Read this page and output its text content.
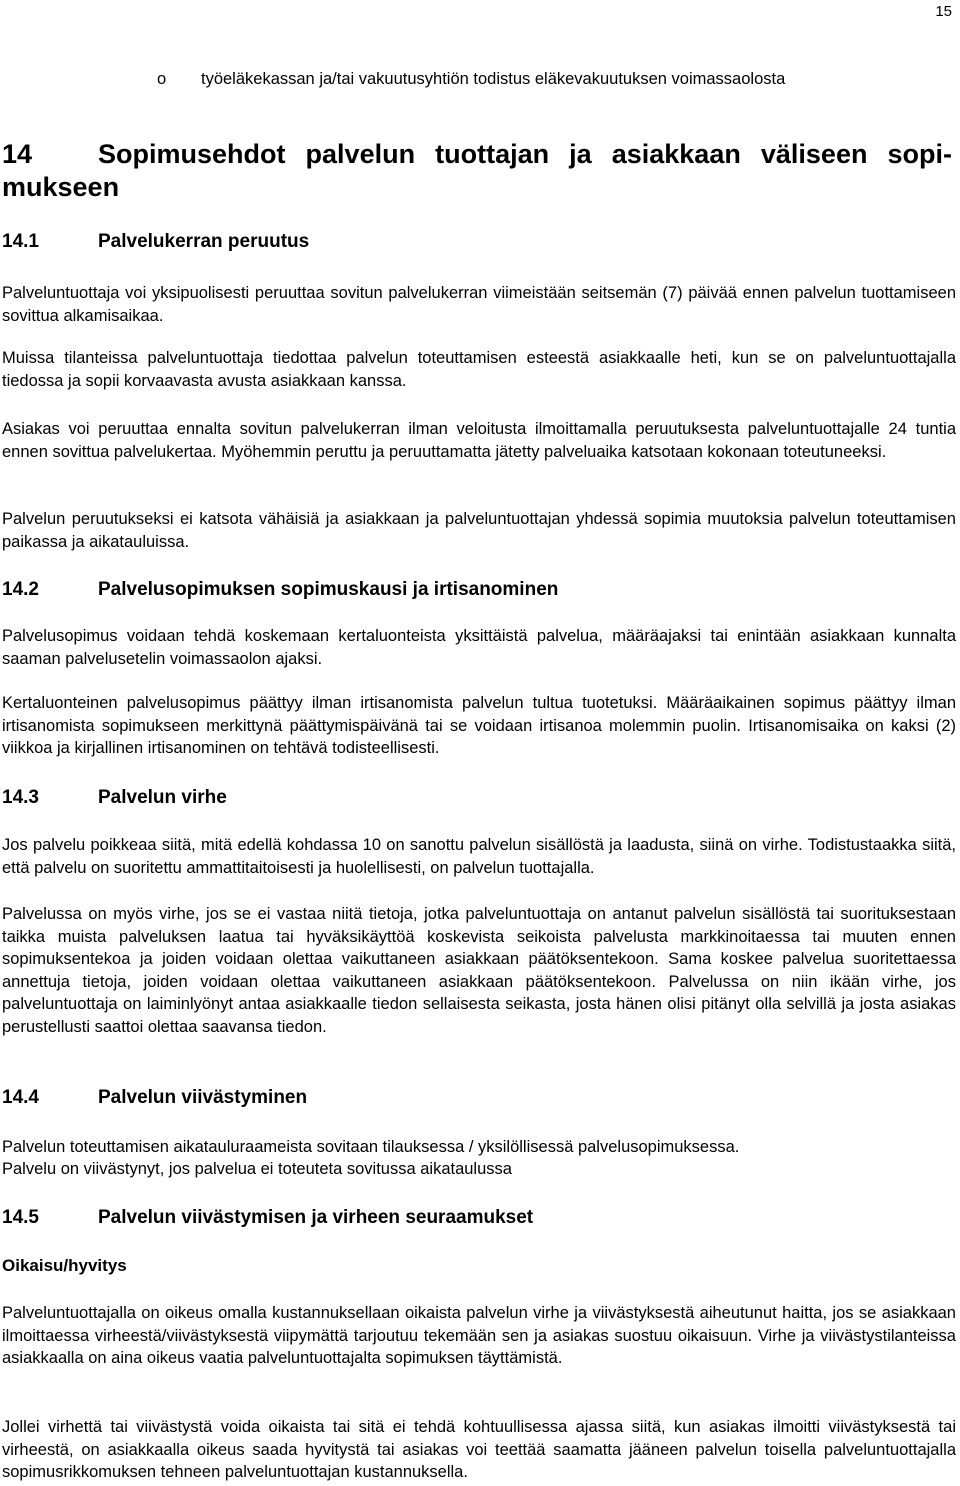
15
o työeläkekassan ja/tai vakuutusyhtiön todistus eläkevakuutuksen voimassaolosta
14 Sopimusehdot palvelun tuottajan ja asiakkaan väliseen sopi-mukseen
14.1	Palvelukerran peruutus

Palveluntuottaja voi yksipuolisesti peruuttaa sovitun palvelukerran viimeistään seitsemän (7) päivää ennen palvelun tuottamiseen sovittua alkamisaikaa.

Muissa tilanteissa palveluntuottaja tiedottaa palvelun toteuttamisen esteestä asiakkaalle heti, kun se on palveluntuottajalla tiedossa ja sopii korvaavasta avusta asiakkaan kanssa.

Asiakas voi peruuttaa ennalta sovitun palvelukerran ilman veloitusta ilmoittamalla peruutuksesta palveluntuottajalle 24 tuntia ennen sovittua palvelukertaa. Myöhemmin peruttu ja peruuttamatta jätetty palveluaika katsotaan kokonaan toteutuneeksi.

Palvelun peruutukseksi ei katsota vähäisiä ja asiakkaan ja palveluntuottajan yhdessä sopimia muutoksia palvelun toteuttamisen paikassa ja aikatauluissa.

14.2	Palvelusopimuksen sopimuskausi ja irtisanominen

Palvelusopimus voidaan tehdä koskemaan kertaluonteista yksittäistä palvelua, määräajaksi tai enintään asiakkaan kunnalta saaman palvelusetelin voimassaolon ajaksi.

Kertaluonteinen palvelusopimus päättyy ilman irtisanomista palvelun tultua tuotetuksi. Määräaikainen sopimus päättyy ilman irtisanomista sopimukseen merkittynä päättymispäivänä tai se voidaan irtisanoa molemmin puolin. Irtisanomisaika on kaksi (2) viikkoa ja kirjallinen irtisanominen on tehtävä todisteellisesti.

14.3	Palvelun virhe

Jos palvelu poikkeaa siitä, mitä edellä kohdassa 10 on sanottu palvelun sisällöstä ja laadusta, siinä on virhe. Todistustaakka siitä, että palvelu on suoritettu ammattitaitoisesti ja huolellisesti, on palvelun tuottajalla.

Palvelussa on myös virhe, jos se ei vastaa niitä tietoja, jotka palveluntuottaja on antanut palvelun sisällöstä tai suorituksestaan taikka muista palveluksen laatua tai hyväksikäyttöä koskevista seikoista palvelusta markkinoitaessa tai muuten ennen sopimuksentekoa ja joiden voidaan olettaa vaikuttaneen asiakkaan päätöksentekoon. Sama koskee palvelua suoritettaessa annettuja tietoja, joiden voidaan olettaa vaikuttaneen asiakkaan päätöksentekoon. Palvelussa on niin ikään virhe, jos palveluntuottaja on laiminlyönyt antaa asiakkaalle tiedon sellaisesta seikasta, josta hänen olisi pitänyt olla selvillä ja josta asiakas perustellusti saattoi olettaa saavansa tiedon.

14.4	Palvelun viivästyminen

Palvelun toteuttamisen aikatauluraameista sovitaan tilauksessa / yksilöllisessä palvelusopimuksessa.

Palvelu on viivästynyt, jos palvelua ei toteuteta sovitussa aikataulussa

14.5	Palvelun viivästymisen ja virheen seuraamukset
Oikaisu/hyvitys

Palveluntuottajalla on oikeus omalla kustannuksellaan oikaista palvelun virhe ja viivästyksestä aiheutunut haitta, jos se asiakkaan ilmoittaessa virheestä/viivästyksestä viipymättä tarjoutuu tekemään sen ja asiakas suostuu oikaisuun. Virhe ja viivästystilanteissa asiakkaalla on aina oikeus vaatia palveluntuottajalta sopimuksen täyttämistä.

Jollei virhettä tai viivästystä voida oikaista tai sitä ei tehdä kohtuullisessa ajassa siitä, kun asiakas ilmoitti viivästyksestä tai virheestä, on asiakkaalla oikeus saada hyvitystä tai asiakas voi teettää saamatta jääneen palvelun toisella palveluntuottajalla sopimusrikkomuksen tehneen palveluntuottajan kustannuksella.
